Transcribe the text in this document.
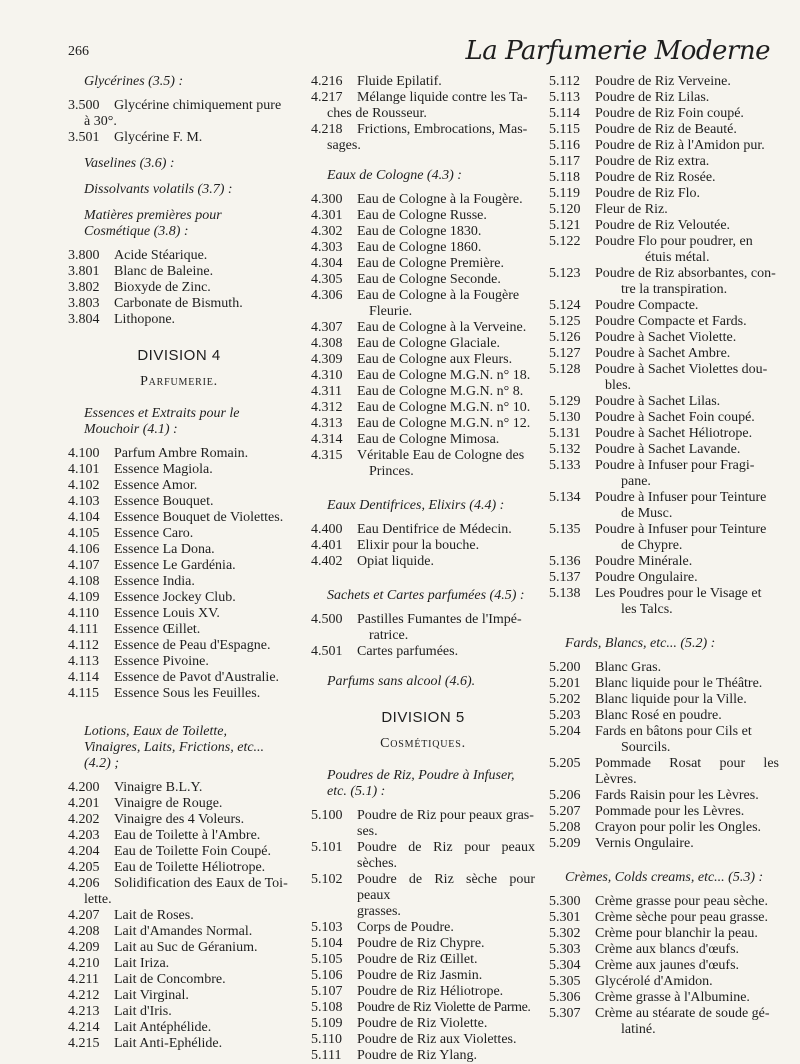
266	La Parfumerie Moderne
Glycérines (3.5) :
3.500	Glycérine chimiquement pure
à 30°.
3.501	Glycérine F. M.
Vaselines (3.6) :
Dissolvants volatils (3.7) :
Matières premières pour Cosmétique (3.8) :
3.800	Acide Stéarique.
3.801	Blanc de Baleine.
3.802	Bioxyde de Zinc.
3.803	Carbonate de Bismuth.
3.804	Lithopone.
DIVISION 4
Parfumerie.
Essences et Extraits pour le Mouchoir (4.1) :
4.100	Parfum Ambre Romain.
4.101	Essence Magiola.
4.102	Essence Amor.
4.103	Essence Bouquet.
4.104	Essence Bouquet de Violettes.
4.105	Essence Caro.
4.106	Essence La Dona.
4.107	Essence Le Gardénia.
4.108	Essence India.
4.109	Essence Jockey Club.
4.110	Essence Louis XV.
4.111	Essence Œillet.
4.112	Essence de Peau d'Espagne.
4.113	Essence Pivoine.
4.114	Essence de Pavot d'Australie.
4.115	Essence Sous les Feuilles.
Lotions, Eaux de Toilette, Vinaigres, Laits, Frictions, etc... (4.2) ;
4.200	Vinaigre B.L.Y.
4.201	Vinaigre de Rouge.
4.202	Vinaigre des 4 Voleurs.
4.203	Eau de Toilette à l'Ambre.
4.204	Eau de Toilette Foin Coupé.
4.205	Eau de Toilette Héliotrope.
4.206	Solidification des Eaux de Toi-
lette.
4.207	Lait de Roses.
4.208	Lait d'Amandes Normal.
4.209	Lait au Suc de Géranium.
4.210	Lait Iriza.
4.211	Lait de Concombre.
4.212	Lait Virginal.
4.213	Lait d'Iris.
4.214	Lait Antéphélide.
4.215	Lait Anti-Ephélide.
4.216	Fluide Epilatif.
4.217	Mélange liquide contre les Ta-
ches de Rousseur.
4.218	Frictions, Embrocations, Mas-
sages.
Eaux de Cologne (4.3) :
4.300	Eau de Cologne à la Fougère.
4.301	Eau de Cologne Russe.
4.302	Eau de Cologne 1830.
4.303	Eau de Cologne 1860.
4.304	Eau de Cologne Première.
4.305	Eau de Cologne Seconde.
4.306	Eau de Cologne à la Fougère
Fleurie.
4.307	Eau de Cologne à la Verveine.
4.308	Eau de Cologne Glaciale.
4.309	Eau de Cologne aux Fleurs.
4.310	Eau de Cologne M.G.N. n° 18.
4.311	Eau de Cologne M.G.N. n° 8.
4.312	Eau de Cologne M.G.N. n° 10.
4.313	Eau de Cologne M.G.N. n° 12.
4.314	Eau de Cologne Mimosa.
4.315	Véritable Eau de Cologne des
Princes.
Eaux Dentifrices, Elixirs (4.4) :
4.400	Eau Dentifrice de Médecin.
4.401	Elixir pour la bouche.
4.402	Opiat liquide.
Sachets et Cartes parfumées (4.5) :
4.500	Pastilles Fumantes de l'Impé-
ratrice.
4.501	Cartes parfumées.
Parfums sans alcool (4.6).
DIVISION 5
Cosmétiques.
Poudres de Riz, Poudre à Infuser, etc. (5.1) :
5.100	Poudre de Riz pour peaux gras-
ses.
5.101	Poudre de Riz pour peaux sèches.
5.102	Poudre de Riz sèche pour peaux
grasses.
5.103	Corps de Poudre.
5.104	Poudre de Riz Chypre.
5.105	Poudre de Riz Œillet.
5.106	Poudre de Riz Jasmin.
5.107	Poudre de Riz Héliotrope.
5.108	Poudre de Riz Violette de Parme.
5.109	Poudre de Riz Violette.
5.110	Poudre de Riz aux Violettes.
5.111	Poudre de Riz Ylang.
5.112	Poudre de Riz Verveine.
5.113	Poudre de Riz Lilas.
5.114	Poudre de Riz Foin coupé.
5.115	Poudre de Riz de Beauté.
5.116	Poudre de Riz à l'Amidon pur.
5.117	Poudre de Riz extra.
5.118	Poudre de Riz Rosée.
5.119	Poudre de Riz Flo.
5.120	Fleur de Riz.
5.121	Poudre de Riz Veloutée.
5.122	Poudre Flo pour poudrer, en
étuis métal.
5.123	Poudre de Riz absorbantes, con-
tre la transpiration.
5.124	Poudre Compacte.
5.125	Poudre Compacte et Fards.
5.126	Poudre à Sachet Violette.
5.127	Poudre à Sachet Ambre.
5.128	Poudre à Sachet Violettes dou-
bles.
5.129	Poudre à Sachet Lilas.
5.130	Poudre à Sachet Foin coupé.
5.131	Poudre à Sachet Héliotrope.
5.132	Poudre à Sachet Lavande.
5.133	Poudre à Infuser pour Fragi-
pane.
5.134	Poudre à Infuser pour Teinture
de Musc.
5.135	Poudre à Infuser pour Teinture
de Chypre.
5.136	Poudre Minérale.
5.137	Poudre Ongulaire.
5.138	Les Poudres pour le Visage et
les Talcs.
Fards, Blancs, etc... (5.2) :
5.200	Blanc Gras.
5.201	Blanc liquide pour le Théâtre.
5.202	Blanc liquide pour la Ville.
5.203	Blanc Rosé en poudre.
5.204	Fards en bâtons pour Cils et
Sourcils.
5.205	Pommade Rosat pour les Lèvres.
5.206	Fards Raisin pour les Lèvres.
5.207	Pommade pour les Lèvres.
5.208	Crayon pour polir les Ongles.
5.209	Vernis Ongulaire.
Crèmes, Colds creams, etc... (5.3) :
5.300	Crème grasse pour peau sèche.
5.301	Crème sèche pour peau grasse.
5.302	Crème pour blanchir la peau.
5.303	Crème aux blancs d'œufs.
5.304	Crème aux jaunes d'œufs.
5.305	Glycérolé d'Amidon.
5.306	Crème grasse à l'Albumine.
5.307	Crème au stéarate de soude gé-
latiné.
